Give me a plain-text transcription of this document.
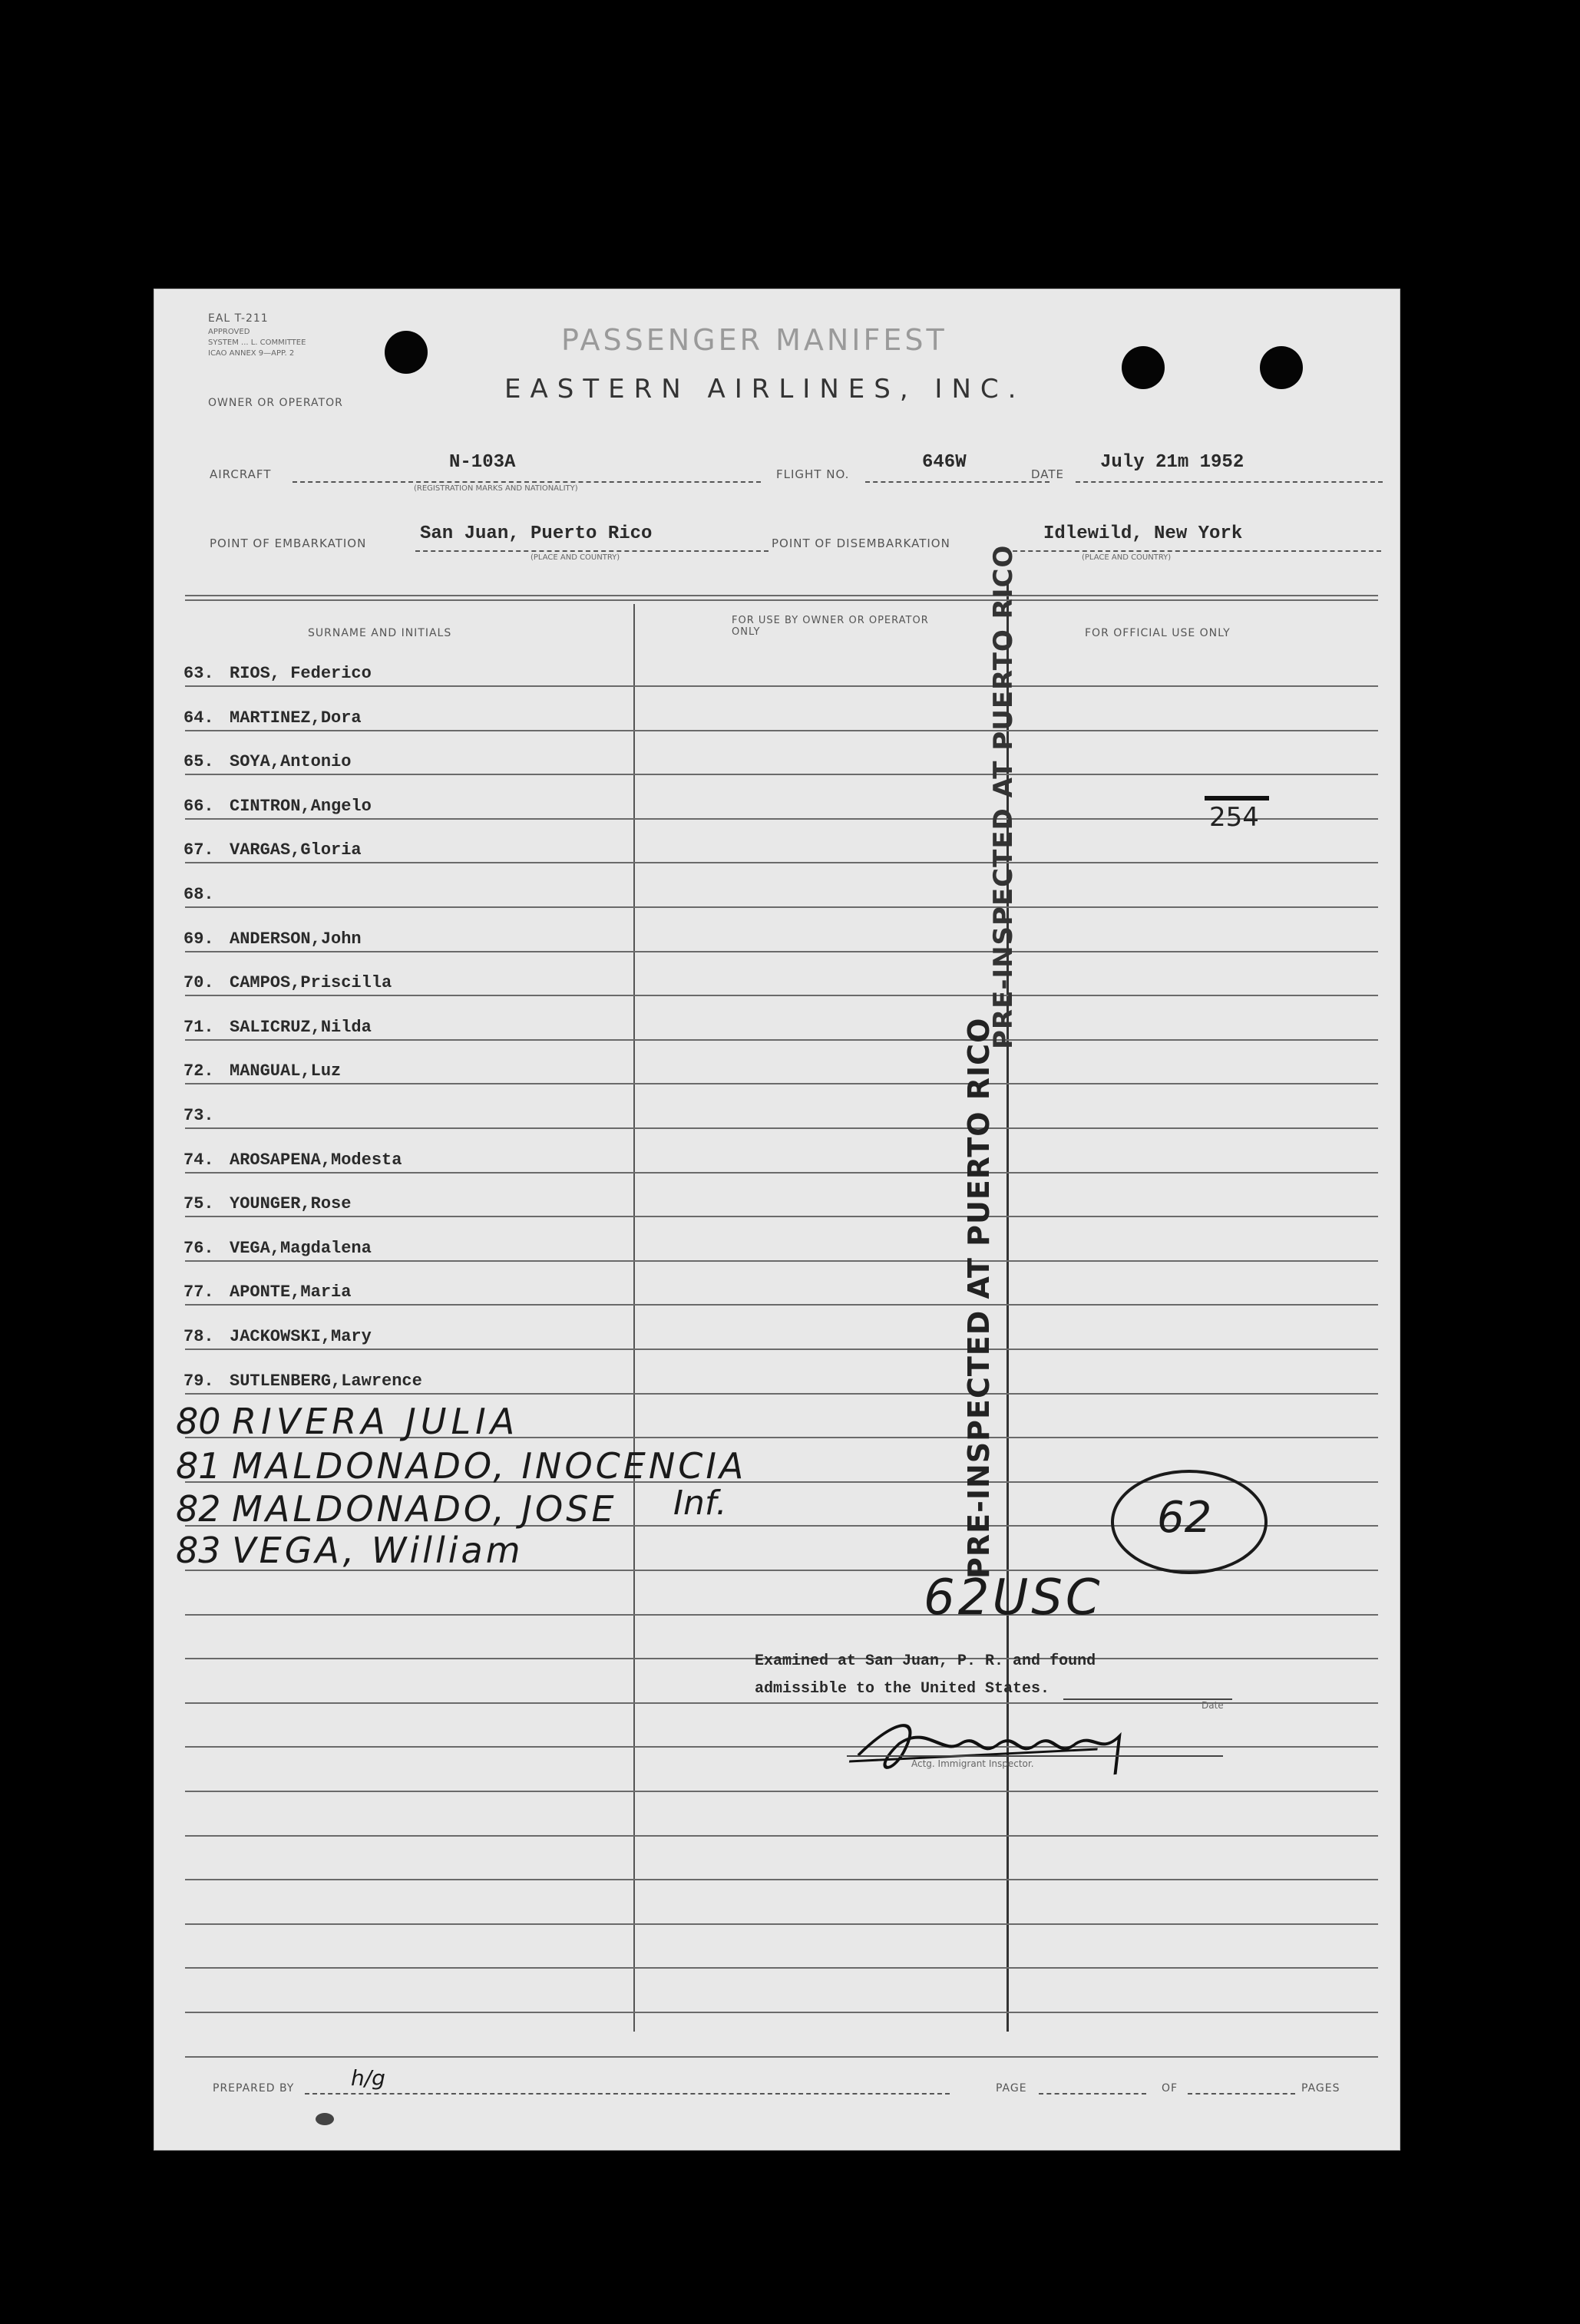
EAL T-211
APPROVED
SYSTEM ... L. COMMITTEE
ICAO ANNEX 9—APP. 2
OWNER OR OPERATOR
PASSENGER MANIFEST
EASTERN AIRLINES, INC.
AIRCRAFT
N-103A
(REGISTRATION MARKS AND NATIONALITY)
FLIGHT NO.
646W
DATE
July 21m 1952
POINT OF EMBARKATION	San Juan, Puerto Rico
(PLACE AND COUNTRY)
POINT OF DISEMBARKATION	Idlewild, New York
(PLACE AND COUNTRY)
SURNAME AND INITIALS
FOR USE BY OWNER OR OPERATOR ONLY	FOR OFFICIAL USE ONLY
63. RIOS, Federico
64. MARTINEZ,Dora
65. SOYA,Antonio
66. CINTRON,Angelo
67. VARGAS,Gloria
68.
69. ANDERSON,John
70. CAMPOS,Priscilla
71. SALICRUZ,Nilda
72. MANGUAL,Luz
73.
74. AROSAPENA,Modesta
75. YOUNGER,Rose
76. VEGA,Magdalena
77. APONTE,Maria
78. JACKOWSKI,Mary
79. SUTLENBERG,Lawrence
80 RIVERA JULIA
81 MALDONADO, INOCENCIA
82 MALDONADO, JOSE Inf.
83 VEGA, William
254
62
62USC
PRE-INSPECTED AT PUERTO RICO
PRE-INSPECTED AT PUERTO RICO
Examined at San Juan, P. R. and found
admissible to the United States.
Date
Actg. Immigrant Inspector.
PREPARED BY	h/g	PAGE	OF	PAGES
